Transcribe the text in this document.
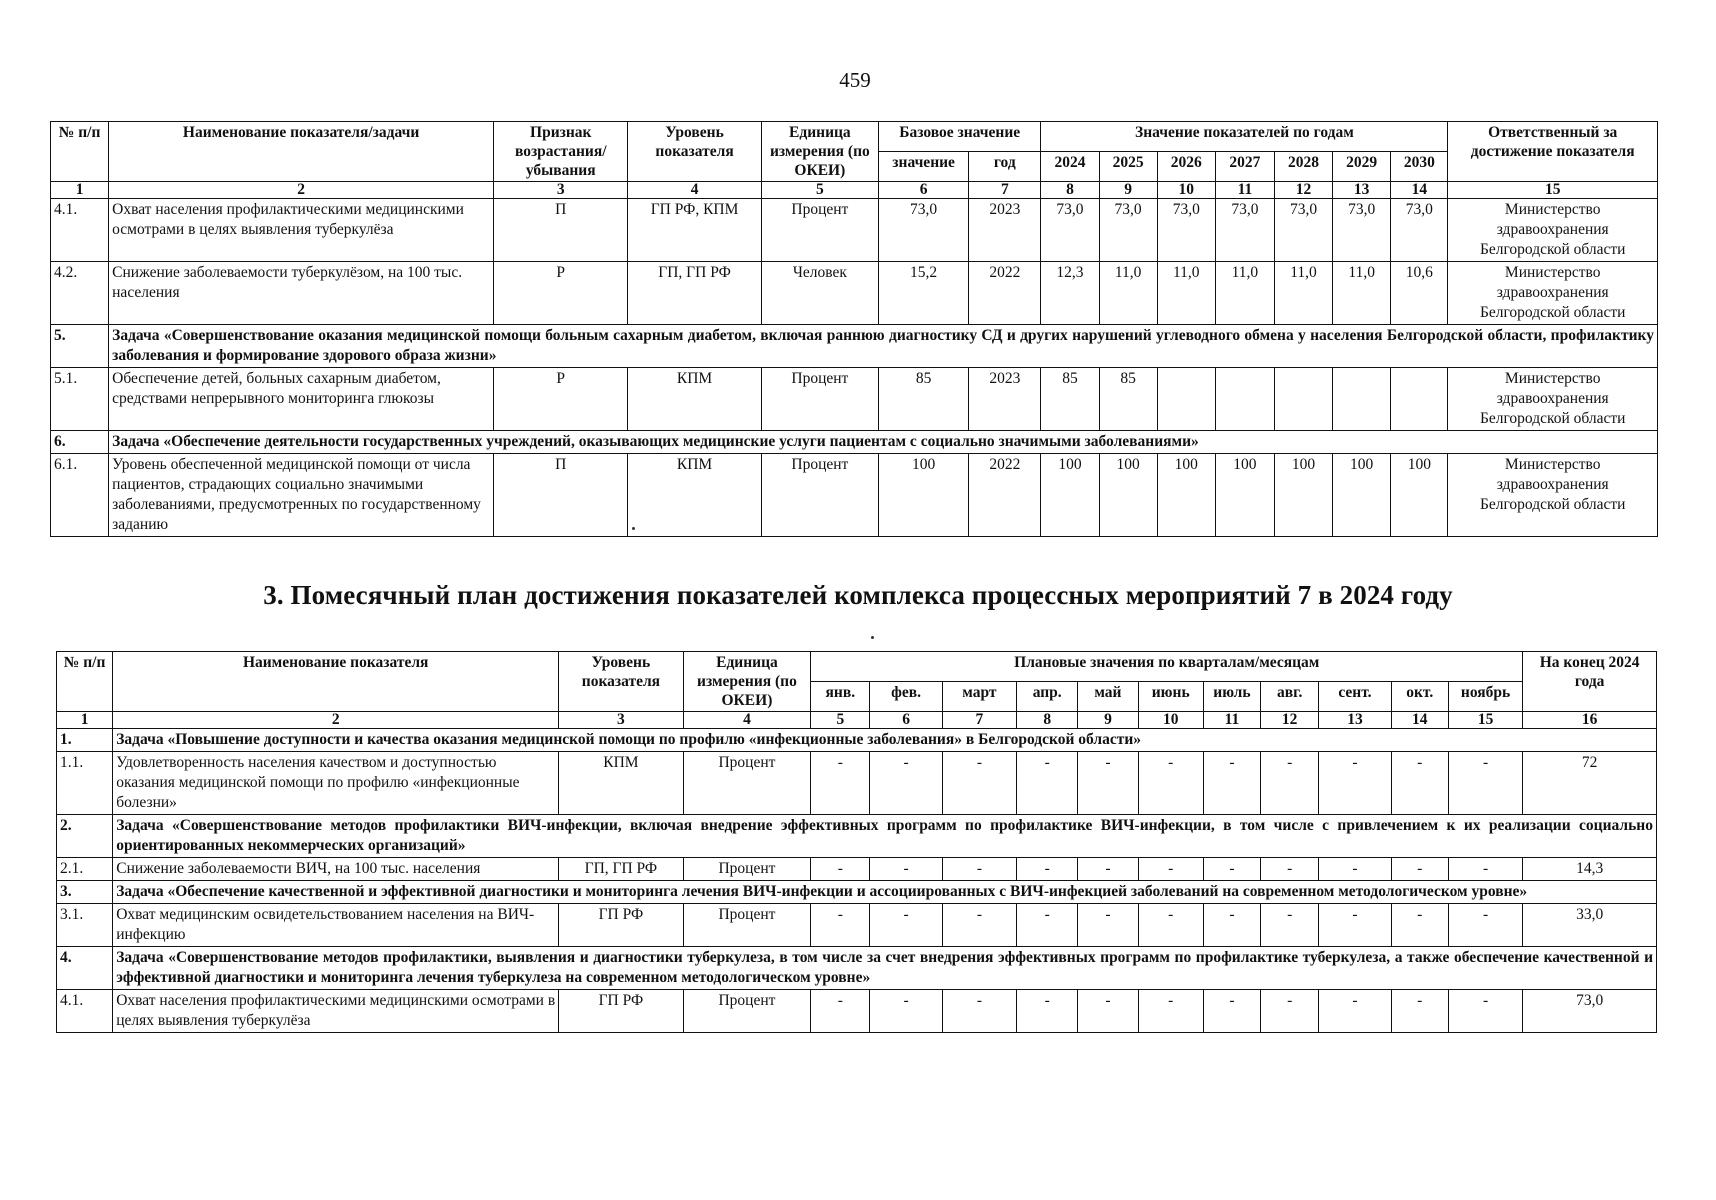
459
№ п/п	Наименование показателя/задачи	Признак возрастания/ убывания	Уровень показателя	Единица измерения (по ОКЕИ)	Базовое значение		Значение показателей по годам							Ответственный за достижение показателя
					значение	год	2024	2025	2026	2027	2028	2029	2030	
1	2	3	4	5	6	7	8	9	10	11	12	13	14	15
4.1.	Охват населения профилактическими медицинскими осмотрами в целях выявления туберкулёза	П	ГП РФ, КПМ	Процент	73,0	2023	73,0	73,0	73,0	73,0	73,0	73,0	73,0	Министерство здравоохранения Белгородской области
4.2.	Снижение заболеваемости туберкулёзом, на 100 тыс. населения	Р	ГП, ГП РФ	Человек	15,2	2022	12,3	11,0	11,0	11,0	11,0	11,0	10,6	Министерство здравоохранения Белгородской области
5.	Задача «Совершенствование оказания медицинской помощи больным сахарным диабетом, включая раннюю диагностику СД и других нарушений углеводного обмена у населения Белгородской области, профилактику заболевания и формирование здорового образа жизни»													
5.1.	Обеспечение детей, больных сахарным диабетом, средствами непрерывного мониторинга глюкозы	Р	КПМ	Процент	85	2023	85	85						Министерство здравоохранения Белгородской области
6.	Задача «Обеспечение деятельности государственных учреждений, оказывающих медицинские услуги пациентам с социально значимыми заболеваниями»													
6.1.	Уровень обеспеченной медицинской помощи от числа пациентов, страдающих социально значимыми заболеваниями, предусмотренных по государственному заданию	П	КПМ	Процент	100	2022	100	100	100	100	100	100	100	Министерство здравоохранения Белгородской области
3. Помесячный план достижения показателей комплекса процессных мероприятий 7 в 2024 году
№ п/п	Наименование показателя	Уровень показателя	Единица измерения (по ОКЕИ)	Плановые значения по кварталам/месяцам											На конец 2024 года
				янв.	фев.	март	апр.	май	июнь	июль	авг.	сент.	окт.	ноябрь	
1	2	3	4	5	6	7	8	9	10	11	12	13	14	15	16
1.	Задача «Повышение доступности и качества оказания медицинской помощи по профилю «инфекционные заболевания» в Белгородской области»														
1.1.	Удовлетворенность населения качеством и доступностью оказания медицинской помощи по профилю «инфекционные болезни»	КПМ	Процент	-	-	-	-	-	-	-	-	-	-	-	72
2.	Задача «Совершенствование методов профилактики ВИЧ-инфекции, включая внедрение эффективных программ по профилактике ВИЧ-инфекции, в том числе с привлечением к их реализации социально ориентированных некоммерческих организаций»														
2.1.	Снижение заболеваемости ВИЧ, на 100 тыс. населения	ГП, ГП РФ	Процент	-	-	-	-	-	-	-	-	-	-	-	14,3
3.	Задача «Обеспечение качественной и эффективной диагностики и мониторинга лечения ВИЧ-инфекции и ассоциированных с ВИЧ-инфекцией заболеваний на современном методологическом уровне»														
3.1.	Охват медицинским освидетельствованием населения на ВИЧ-инфекцию	ГП РФ	Процент	-	-	-	-	-	-	-	-	-	-	-	33,0
4.	Задача «Совершенствование методов профилактики, выявления и диагностики туберкулеза, в том числе за счет внедрения эффективных программ по профилактике туберкулеза, а также обеспечение качественной и эффективной диагностики и мониторинга лечения туберкулеза на современном методологическом уровне»														
4.1.	Охват населения профилактическими медицинскими осмотрами в целях выявления туберкулёза	ГП РФ	Процент	-	-	-	-	-	-	-	-	-	-	-	73,0
